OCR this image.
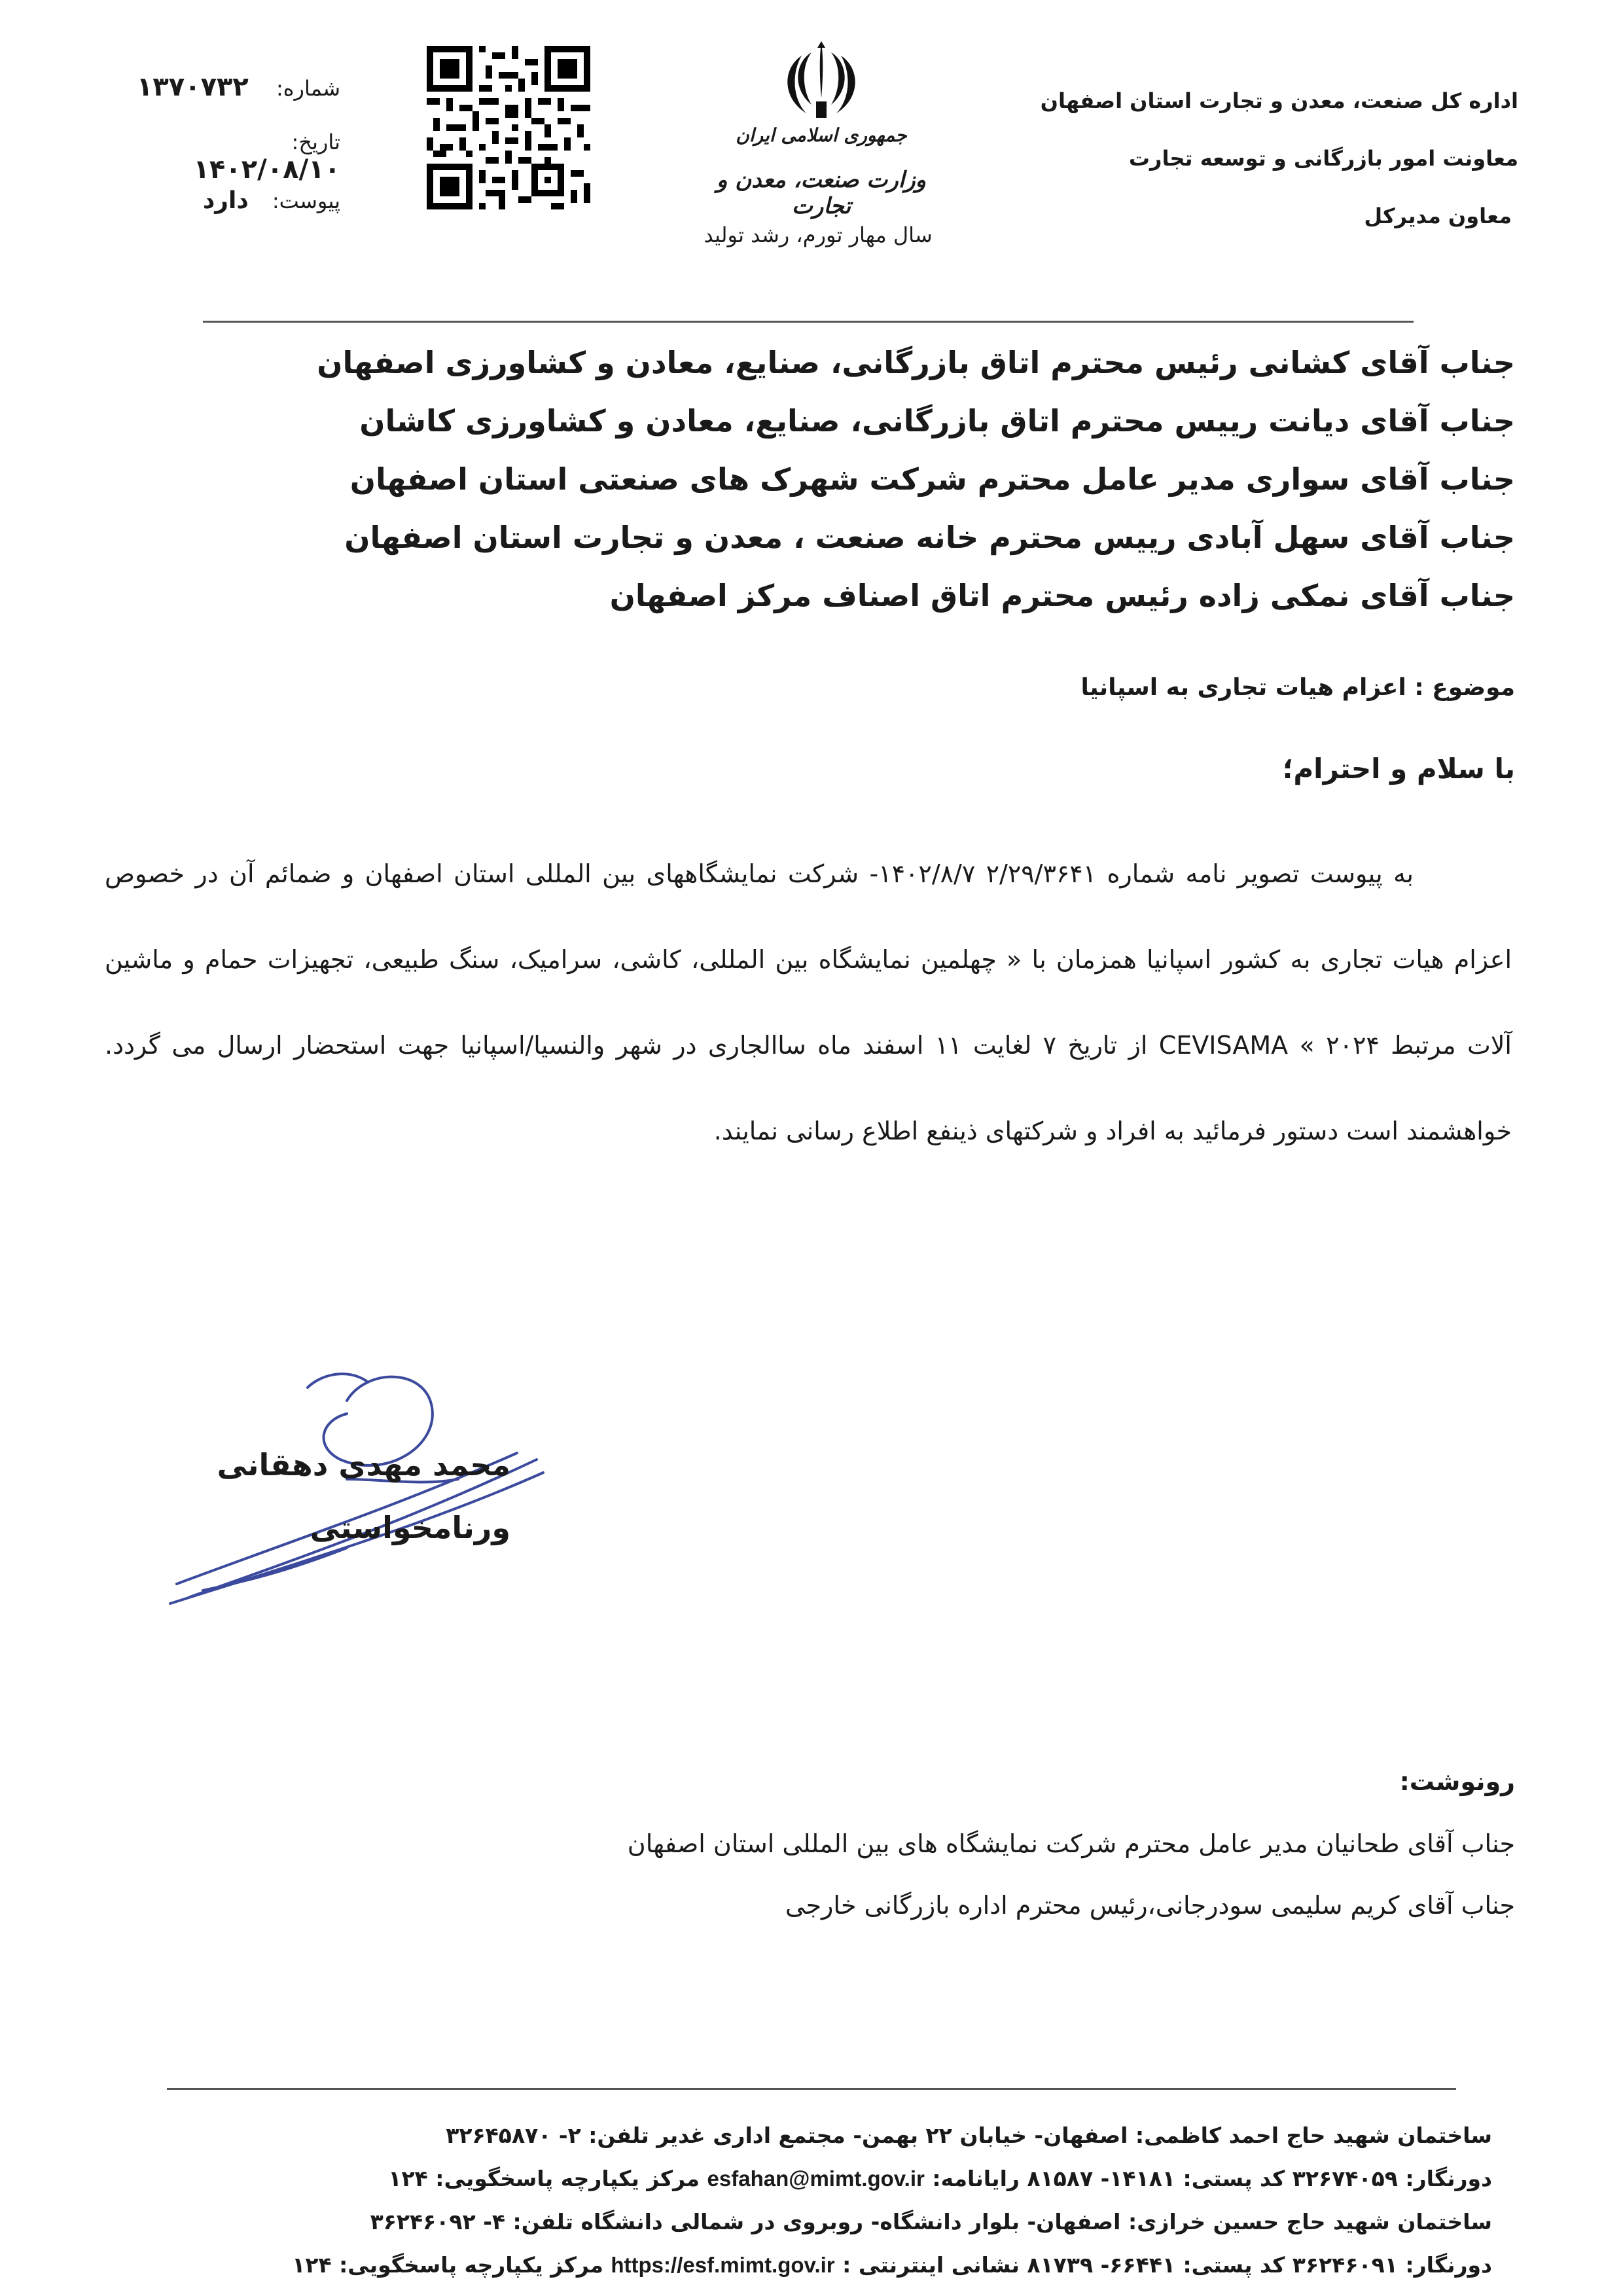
اداره کل صنعت، معدن و تجارت استان اصفهان
معاونت امور بازرگانی و توسعه تجارت
معاون مدیرکل
جمهوری اسلامی ایران
وزارت صنعت، معدن و تجارت
سال مهار تورم، رشد تولید
شماره: ۱۳۷۰۷۳۲
تاریخ: ۱۴۰۲/۰۸/۱۰
پیوست: دارد
جناب آقای کشانی رئیس محترم اتاق بازرگانی، صنایع، معادن و کشاورزی اصفهان
جناب آقای دیانت رییس محترم اتاق بازرگانی، صنایع، معادن و کشاورزی کاشان
جناب آقای سواری مدیر عامل محترم شرکت شهرک های صنعتی استان اصفهان
جناب آقای سهل آبادی رییس محترم خانه صنعت ، معدن و تجارت استان اصفهان
جناب آقای نمکی زاده رئیس محترم اتاق اصناف مرکز اصفهان
موضوع : اعزام هیات تجاری به اسپانیا
با سلام و احترام؛

به پیوست تصویر نامه شماره ۲/۲۹/۳۶۴۱ ۱۴۰۲/۸/۷- شرکت نمایشگاههای بین المللی استان اصفهان و ضمائم آن در خصوص اعزام هیات تجاری به کشور اسپانیا همزمان با « چهلمین نمایشگاه بین المللی، کاشی، سرامیک، سنگ طبیعی، تجهیزات حمام و ماشین آلات مرتبط ۲۰۲۴ » CEVISAMA از تاریخ ۷ لغایت ۱۱ اسفند ماه ساالجاری در شهر والنسیا/اسپانیا جهت استحضار ارسال می گردد. خواهشمند است دستور فرمائید به افراد و شرکتهای ذینفع اطلاع رسانی نمایند.

محمد مهدی دهقانی
ورنامخواستی
رونوشت:
جناب آقای طحانیان مدیر عامل محترم شرکت نمایشگاه های بین المللی استان اصفهان
جناب آقای کریم سلیمی سودرجانی،رئیس محترم اداره بازرگانی خارجی
ساختمان شهید حاج احمد کاظمی: اصفهان- خیابان ۲۲ بهمن- مجتمع اداری غدیر تلفن: ۲- ۳۲۶۴۵۸۷۰
دورنگار: ۳۲۶۷۴۰۵۹ کد پستی: ۱۴۱۸۱- ۸۱۵۸۷ رایانامه: esfahan@mimt.gov.ir مرکز یکپارچه پاسخگویی: ۱۲۴
ساختمان شهید حاج حسین خرازی: اصفهان- بلوار دانشگاه- روبروی در شمالی دانشگاه تلفن: ۴- ۳۶۲۴۶۰۹۲
دورنگار: ۳۶۲۴۶۰۹۱ کد پستی: ۶۶۴۴۱- ۸۱۷۳۹ نشانی اینترنتی : https://esf.mimt.gov.ir مرکز یکپارچه پاسخگویی: ۱۲۴
